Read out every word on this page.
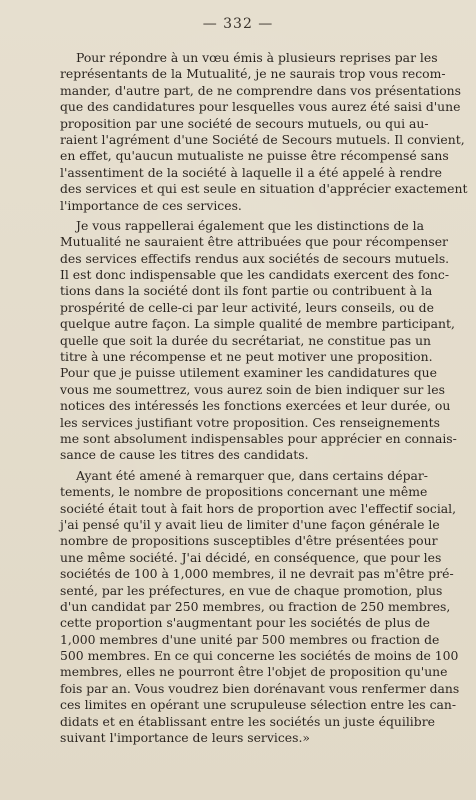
— 332 —
Pour répondre à un vœu émis à plusieurs reprises par les
représentants de la Mutualité, je ne saurais trop vous recom-
mander, d'autre part, de ne comprendre dans vos présentations
que des candidatures pour lesquelles vous aurez été saisi d'une
proposition par une société de secours mutuels, ou qui au-
raient l'agrément d'une Société de Secours mutuels. Il convient,
en effet, qu'aucun mutualiste ne puisse être récompensé sans
l'assentiment de la société à laquelle il a été appelé à rendre
des services et qui est seule en situation d'apprécier exactement
l'importance de ces services.
Je vous rappellerai également que les distinctions de la
Mutualité ne sauraient être attribuées que pour récompenser
des services effectifs rendus aux sociétés de secours mutuels.
Il est donc indispensable que les candidats exercent des fonc-
tions dans la société dont ils font partie ou contribuent à la
prospérité de celle-ci par leur activité, leurs conseils, ou de
quelque autre façon. La simple qualité de membre participant,
quelle que soit la durée du secrétariat, ne constitue pas un
titre à une récompense et ne peut motiver une proposition.
Pour que je puisse utilement examiner les candidatures que
vous me soumettrez, vous aurez soin de bien indiquer sur les
notices des intéressés les fonctions exercées et leur durée, ou
les services justifiant votre proposition. Ces renseignements
me sont absolument indispensables pour apprécier en connais-
sance de cause les titres des candidats.
Ayant été amené à remarquer que, dans certains dépar-
tements, le nombre de propositions concernant une même
société était tout à fait hors de proportion avec l'effectif social,
j'ai pensé qu'il y avait lieu de limiter d'une façon générale le
nombre de propositions susceptibles d'être présentées pour
une même société. J'ai décidé, en conséquence, que pour les
sociétés de 100 à 1,000 membres, il ne devrait pas m'être pré-
senté, par les préfectures, en vue de chaque promotion, plus
d'un candidat par 250 membres, ou fraction de 250 membres,
cette proportion s'augmentant pour les sociétés de plus de
1,000 membres d'une unité par 500 membres ou fraction de
500 membres. En ce qui concerne les sociétés de moins de 100
membres, elles ne pourront être l'objet de proposition qu'une
fois par an. Vous voudrez bien dorénavant vous renfermer dans
ces limites en opérant une scrupuleuse sélection entre les can-
didats et en établissant entre les sociétés un juste équilibre
suivant l'importance de leurs services.»
